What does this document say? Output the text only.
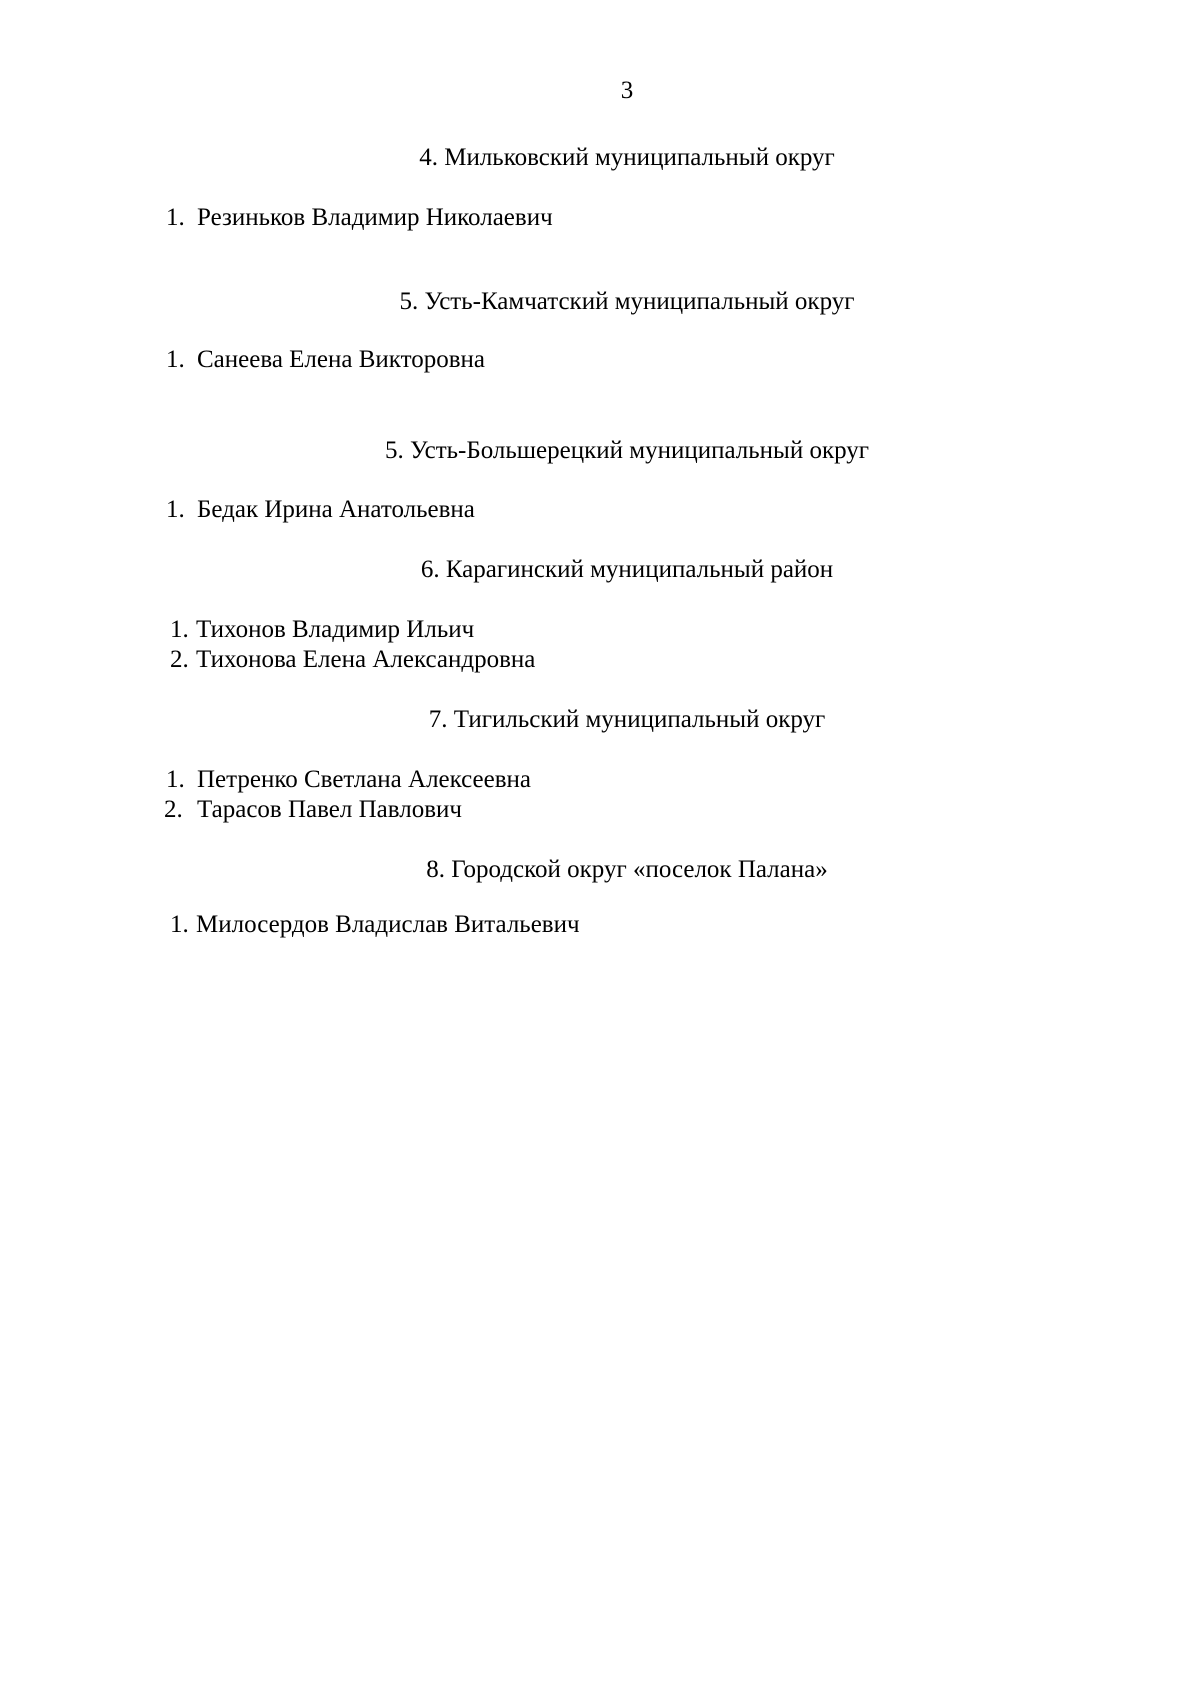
3
4. Мильковский муниципальный округ
1. Резиньков Владимир Николаевич
5. Усть-Камчатский муниципальный округ
1. Санеева Елена Викторовна
5. Усть-Большерецкий муниципальный округ
1. Бедак Ирина Анатольевна
6. Карагинский муниципальный район
1. Тихонов Владимир Ильич
2. Тихонова Елена Александровна
7. Тигильский муниципальный округ
1. Петренко Светлана Алексеевна
2. Тарасов Павел Павлович
8. Городской округ «поселок Палана»
1. Милосердов Владислав Витальевич
